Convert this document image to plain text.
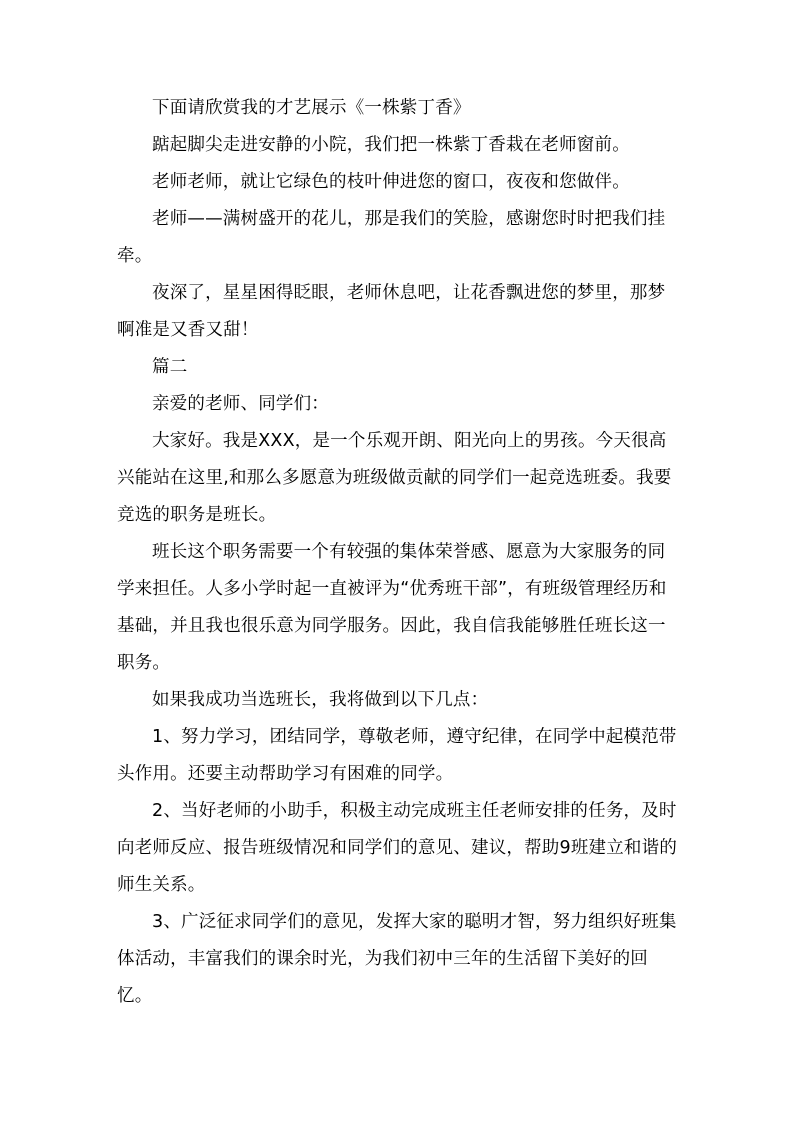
下面请欣赏我的才艺展示《一株紫丁香》

踮起脚尖走进安静的小院，我们把一株紫丁香栽在老师窗前。

老师老师，就让它绿色的枝叶伸进您的窗口，夜夜和您做伴。

老师——满树盛开的花儿，那是我们的笑脸，感谢您时时把我们挂牵。

夜深了，星星困得眨眼，老师休息吧，让花香飘进您的梦里，那梦啊准是又香又甜！

篇二

亲爱的老师、同学们：

大家好。我是XXX，是一个乐观开朗、阳光向上的男孩。今天很高兴能站在这里,和那么多愿意为班级做贡献的同学们一起竞选班委。我要竞选的职务是班长。

班长这个职务需要一个有较强的集体荣誉感、愿意为大家服务的同学来担任。人多小学时起一直被评为“优秀班干部”，有班级管理经历和基础，并且我也很乐意为同学服务。因此，我自信我能够胜任班长这一职务。

如果我成功当选班长，我将做到以下几点：

1、努力学习，团结同学，尊敬老师，遵守纪律，在同学中起模范带头作用。还要主动帮助学习有困难的同学。

2、当好老师的小助手，积极主动完成班主任老师安排的任务，及时向老师反应、报告班级情况和同学们的意见、建议，帮助9班建立和谐的师生关系。

3、广泛征求同学们的意见，发挥大家的聪明才智，努力组织好班集体活动，丰富我们的课余时光，为我们初中三年的生活留下美好的回忆。
